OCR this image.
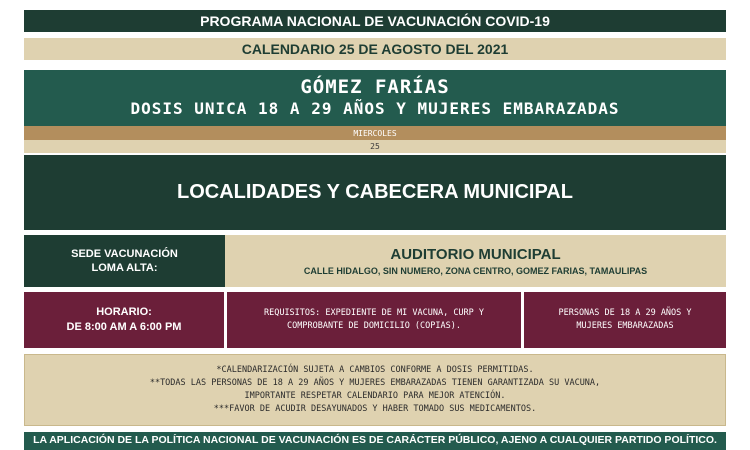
PROGRAMA NACIONAL DE VACUNACIÓN COVID-19
CALENDARIO 25 DE AGOSTO DEL 2021
GÓMEZ FARÍAS
DOSIS UNICA 18 A 29 AÑOS Y MUJERES EMBARAZADAS
MIERCOLES
25
LOCALIDADES Y CABECERA MUNICIPAL
SEDE VACUNACIÓN
LOMA ALTA:
AUDITORIO MUNICIPAL
CALLE HIDALGO, SIN NUMERO, ZONA CENTRO, GOMEZ FARIAS, TAMAULIPAS
HORARIO:
DE 8:00 AM A 6:00 PM
REQUISITOS: EXPEDIENTE DE MI VACUNA, CURP Y
COMPROBANTE DE DOMICILIO (COPIAS).
PERSONAS DE 18 A 29 AÑOS Y
MUJERES EMBARAZADAS
*CALENDARIZACIÓN SUJETA A CAMBIOS CONFORME A DOSIS PERMITIDAS.
**TODAS LAS PERSONAS DE 18 A 29 AÑOS Y MUJERES EMBARAZADAS TIENEN GARANTIZADA SU VACUNA,
IMPORTANTE RESPETAR CALENDARIO PARA MEJOR ATENCIÓN.
***FAVOR DE ACUDIR DESAYUNADOS Y HABER TOMADO SUS MEDICAMENTOS.
LA APLICACIÓN DE LA POLÍTICA NACIONAL DE VACUNACIÓN ES DE CARÁCTER PÚBLICO, AJENO A CUALQUIER PARTIDO POLÍTICO.
